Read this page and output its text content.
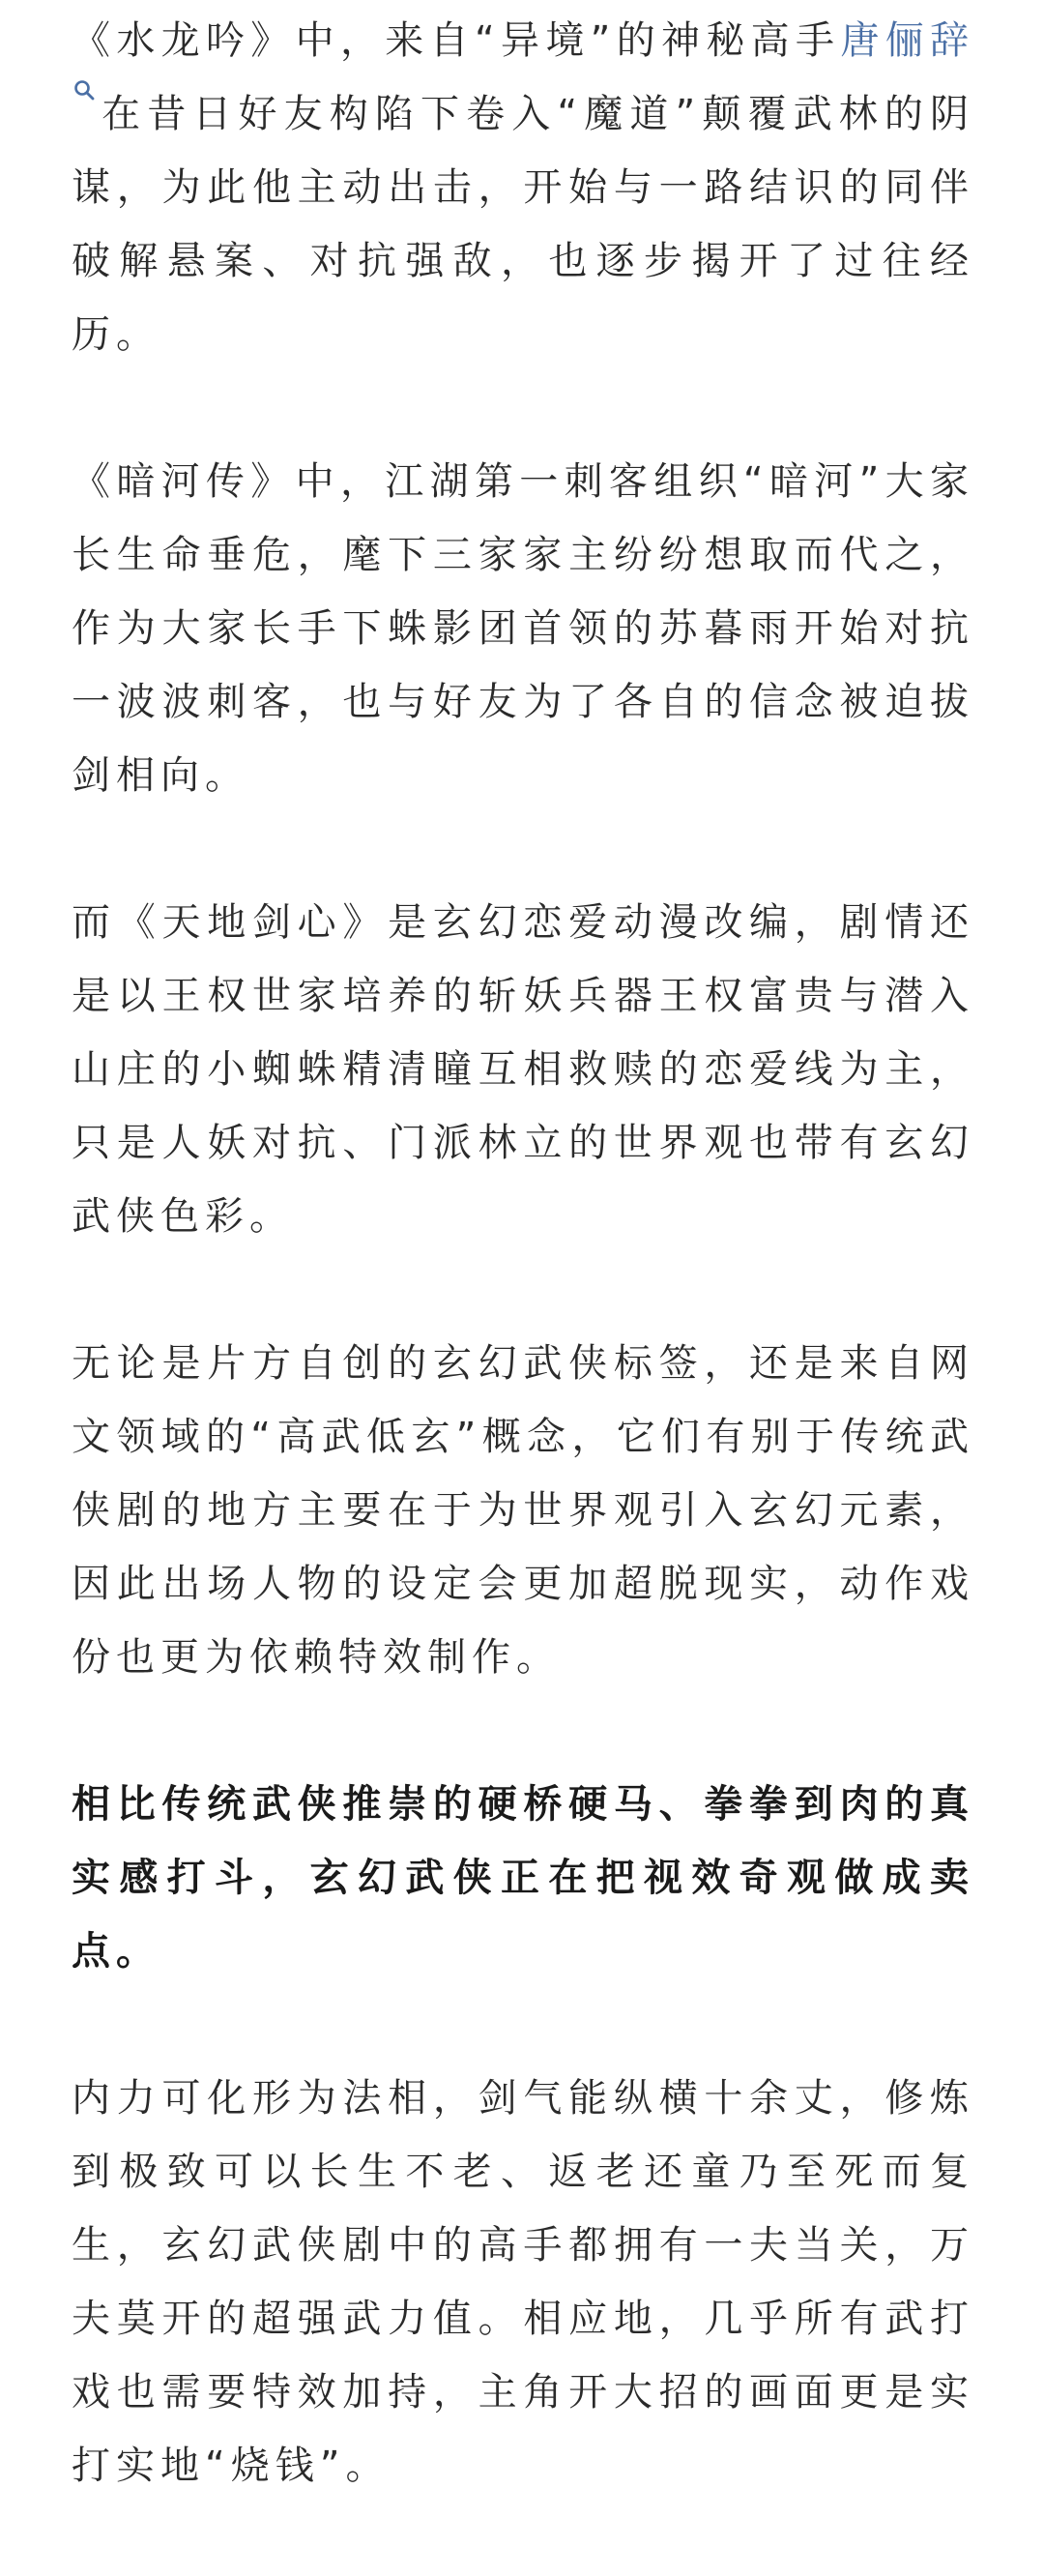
《水龙吟》中，来自“异境”的神秘高手唐俪辞
在昔日好友构陷下卷入“魔道”颠覆武林的阴谋，为此他主动出击，开始与一路结识的同伴破解悬案、对抗强敌，也逐步揭开了过往经历。

《暗河传》中，江湖第一刺客组织“暗河”大家长生命垂危，麾下三家家主纷纷想取而代之，作为大家长手下蛛影团首领的苏暮雨开始对抗一波波刺客，也与好友为了各自的信念被迫拔剑相向。

而《天地剑心》是玄幻恋爱动漫改编，剧情还是以王权世家培养的斩妖兵器王权富贵与潜入山庄的小蜘蛛精清瞳互相救赎的恋爱线为主，只是人妖对抗、门派林立的世界观也带有玄幻武侠色彩。

无论是片方自创的玄幻武侠标签，还是来自网文领域的“高武低玄”概念，它们有别于传统武侠剧的地方主要在于为世界观引入玄幻元素，因此出场人物的设定会更加超脱现实，动作戏份也更为依赖特效制作。

相比传统武侠推崇的硬桥硬马、拳拳到肉的真实感打斗，玄幻武侠正在把视效奇观做成卖点。

内力可化形为法相，剑气能纵横十余丈，修炼到极致可以长生不老、返老还童乃至死而复生，玄幻武侠剧中的高手都拥有一夫当关，万夫莫开的超强武力值。相应地，几乎所有武打戏也需要特效加持，主角开大招的画面更是实打实地“烧钱”。
